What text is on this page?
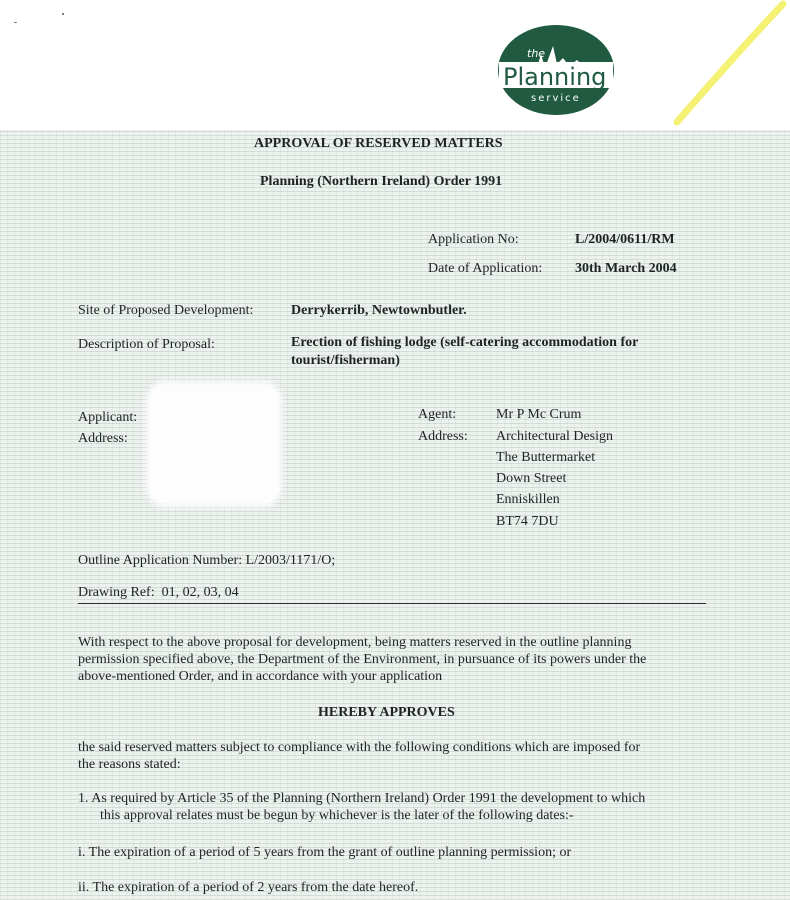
the
Planning
service
APPROVAL OF RESERVED MATTERS
Planning (Northern Ireland) Order 1991
Application No:	L/2004/0611/RM
Date of Application: 30th March 2004
Site of Proposed Development:	Derrykerrib, Newtownbutler.
Description of Proposal:	Erection of fishing lodge (self-catering accommodation for
tourist/fisherman)
Applicant:
Address:
Agent:	Mr P Mc Crum
Address: Architectural Design
The Buttermarket
Down Street
Enniskillen
BT74 7DU
Outline Application Number: L/2003/1171/O;
Drawing Ref: 01, 02, 03, 04
With respect to the above proposal for development, being matters reserved in the outline planning
permission specified above, the Department of the Environment, in pursuance of its powers under the
above-mentioned Order, and in accordance with your application
HEREBY APPROVES
the said reserved matters subject to compliance with the following conditions which are imposed for
the reasons stated:
1. As required by Article 35 of the Planning (Northern Ireland) Order 1991 the development to which
this approval relates must be begun by whichever is the later of the following dates:-
i. The expiration of a period of 5 years from the grant of outline planning permission; or
ii. The expiration of a period of 2 years from the date hereof.
